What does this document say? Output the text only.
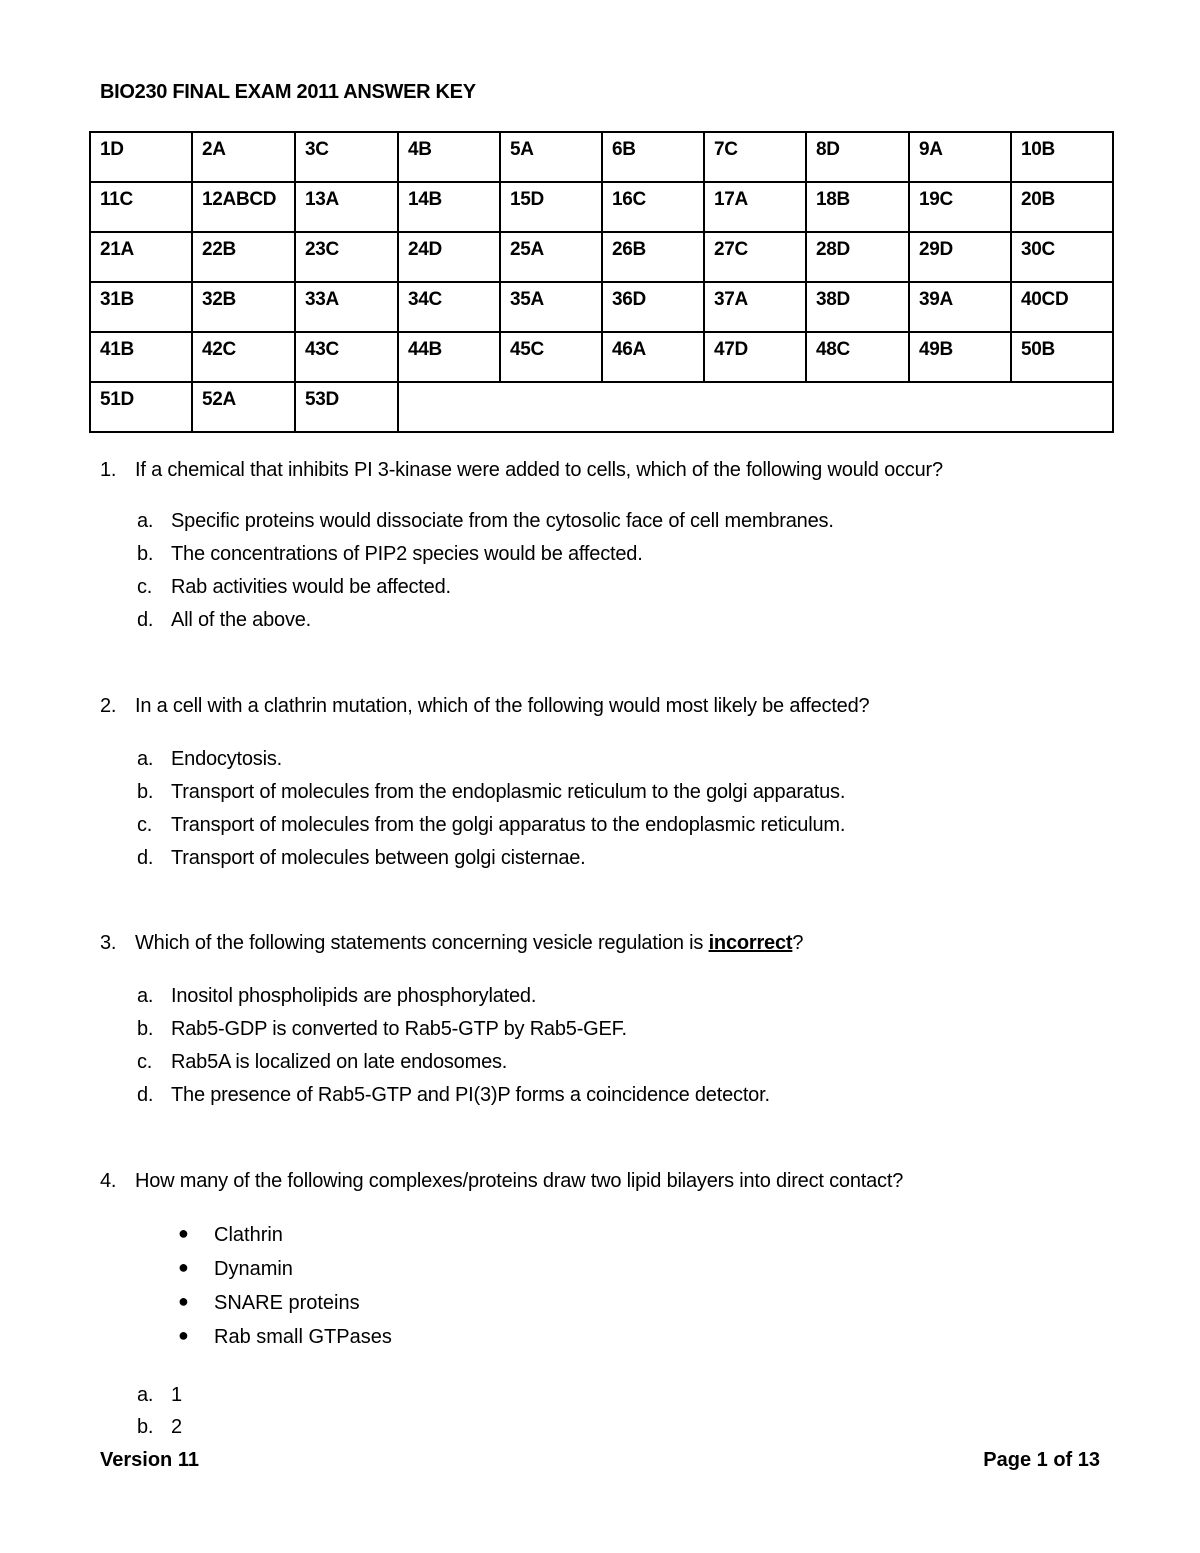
BIO230 FINAL EXAM 2011 ANSWER KEY
1D	2A	3C	4B	5A	6B	7C	8D	9A	10B
11C	12ABCD	13A	14B	15D	16C	17A	18B	19C	20B
21A	22B	23C	24D	25A	26B	27C	28D	29D	30C
31B	32B	33A	34C	35A	36D	37A	38D	39A	40CD
41B	42C	43C	44B	45C	46A	47D	48C	49B	50B
51D	52A	53D							
1. If a chemical that inhibits PI 3-kinase were added to cells, which of the following would occur?
a. Specific proteins would dissociate from the cytosolic face of cell membranes.
b. The concentrations of PIP2 species would be affected.
c. Rab activities would be affected.
d. All of the above.
2. In a cell with a clathrin mutation, which of the following would most likely be affected?
a. Endocytosis.
b. Transport of molecules from the endoplasmic reticulum to the golgi apparatus.
c. Transport of molecules from the golgi apparatus to the endoplasmic reticulum.
d. Transport of molecules between golgi cisternae.
3. Which of the following statements concerning vesicle regulation is incorrect?
a. Inositol phospholipids are phosphorylated.
b. Rab5-GDP is converted to Rab5-GTP by Rab5-GEF.
c. Rab5A is localized on late endosomes.
d. The presence of Rab5-GTP and PI(3)P forms a coincidence detector.
4. How many of the following complexes/proteins draw two lipid bilayers into direct contact?
● Clathrin
● Dynamin
● SNARE proteins
● Rab small GTPases
a. 1
b. 2
Version 11	Page 1 of 13
